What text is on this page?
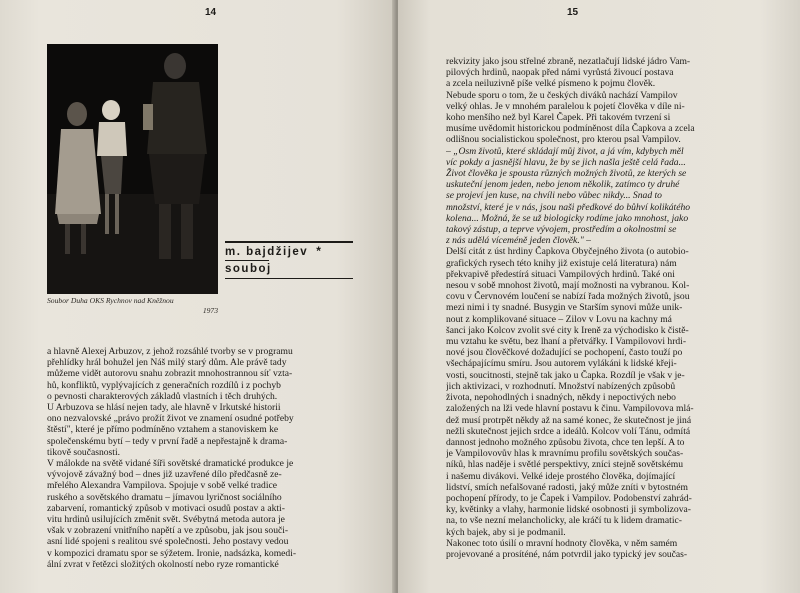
14
Soubor Duha OKS Rychnov nad Kněžnou
1973
m. bajdžijev *
souboj
a hlavně Alexej Arbuzov, z jehož rozsáhlé tvorby se v programu
přehlídky hrál bohužel jen Náš milý starý dům. Ale právě tady
můžeme vidět autorovu snahu zobrazit mnohostrannou síť vzta-
hů, konfliktů, vyplývajících z generačních rozdílů i z pochyb
o pevnosti charakterových základů vlastních i těch druhých.
U Arbuzova se hlásí nejen tady, ale hlavně v Irkutské historii
ono nezvalovské „právo prožít život ve znamení osudné potřeby
štěstí", které je přímo podmíněno vztahem a stanoviskem ke
společenskému bytí – tedy v první řadě a nepřestajně k drama-
tikově současnosti.
V málokde na světě vidané šíři sovětské dramatické produkce je
vývojově závažný bod – dnes již uzavřené dílo předčasně ze-
mřelého Alexandra Vampilova. Spojuje v sobě velké tradice
ruského a sovětského dramatu – jímavou lyričnost sociálního
zabarvení, romantický způsob v motivaci osudů postav a akti-
vitu hrdinů usilujících změnit svět. Svébytná metoda autora je
však v zobrazení vnitřního napětí a ve způsobu, jak jsou souči-
asní lidé spojeni s realitou své společnosti. Jeho postavy vedou
v kompozici dramatu spor se sýžetem. Ironie, nadsázka, komedi-
ální zvrat v řetězci složitých okolností nebo ryze romantické
15
rekvizity jako jsou střelné zbraně, nezatlačují lidské jádro Vam-
pilových hrdinů, naopak před námi vyrůstá živoucí postava
a zcela neiluzivně píše velké písmeno k pojmu člověk.
Nebude sporu o tom, že u českých diváků nachází Vampilov
velký ohlas. Je v mnohém paralelou k pojetí člověka v díle ni-
koho menšího než byl Karel Čapek. Při takovém tvrzení si
musíme uvědomit historickou podmíněnost díla Čapkova a zcela
odlišnou socialistickou společnost, pro kterou psal Vampilov.
– „Osm životů, které skládají můj život, a já vím, kdybych měl
víc pokdy a jasnější hlavu, že by se jich našla ještě celá řada...
Život člověka je spousta různých možných životů, ze kterých se
uskuteční jenom jeden, nebo jenom několik, zatímco ty druhé
se projeví jen kuse, na chvíli nebo vůbec nikdy... Snad to
množství, které je v nás, jsou naši předkové do bůhví kolikátého
kolena... Možná, že se už biologicky rodíme jako mnohost, jako
takový zástup, a teprve vývojem, prostředím a okolnostmi se
z nás udělá víceméně jeden člověk." –
Delší citát z úst hrdiny Čapkova Obyčejného života (o autobio-
grafických rysech této knihy již existuje celá literatura) nám
překvapivě předestírá situaci Vampilových hrdinů. Také oni
nesou v sobě mnohost životů, mají možnosti na vybranou. Kol-
covu v Červnovém loučení se nabízí řada možných životů, jsou
mezi nimi i ty snadné. Busygin ve Starším synovi může unik-
nout z komplikované situace – Zilov v Lovu na kachny má
šanci jako Kolcov zvolit své city k Ireně za východisko k čistě-
mu vztahu ke světu, bez lhaní a přetvářky. I Vampilovovi hrdi-
nové jsou člověčkové dožadující se pochopení, často touží po
všechápajícímu smíru. Jsou autorem vylákáni k lidské křeji-
vosti, soucitnosti, stejně tak jako u Čapka. Rozdíl je však v je-
jich aktivizaci, v rozhodnutí. Množství nabízených způsobů
života, nepohodlných i snadných, někdy i nepoctivých nebo
založených na lži vede hlavní postavu k činu. Vampilovova mlá-
dež musí protrpět někdy až na samé konec, že skutečnost je jiná
nežli skutečnost jejich srdce a ideálů. Kolcov volí Tánu, odmítá
dannost jednoho možného způsobu života, chce ten lepší. A to
je Vampilovovův hlas k mravnímu profilu sovětských součas-
níků, hlas naděje i světlé perspektivy, zníci stejně sovětskému
i našemu divákovi. Velké ideje prostého člověka, dojímající
lidství, smích nefalšované radosti, jaký může zníti v bytostném
pochopení přírody, to je Čapek i Vampilov. Podobenství zahrád-
ky, květinky a vlahy, harmonie lidské osobnosti ji symbolizova-
na, to vše nezní melancholicky, ale kráčí tu k lidem dramatic-
kých bajek, aby si je podmanil.
Nakonec toto úsilí o mravní hodnoty člověka, v něm samém
projevované a prosíténé, nám potvrdil jako typický jev součas-
